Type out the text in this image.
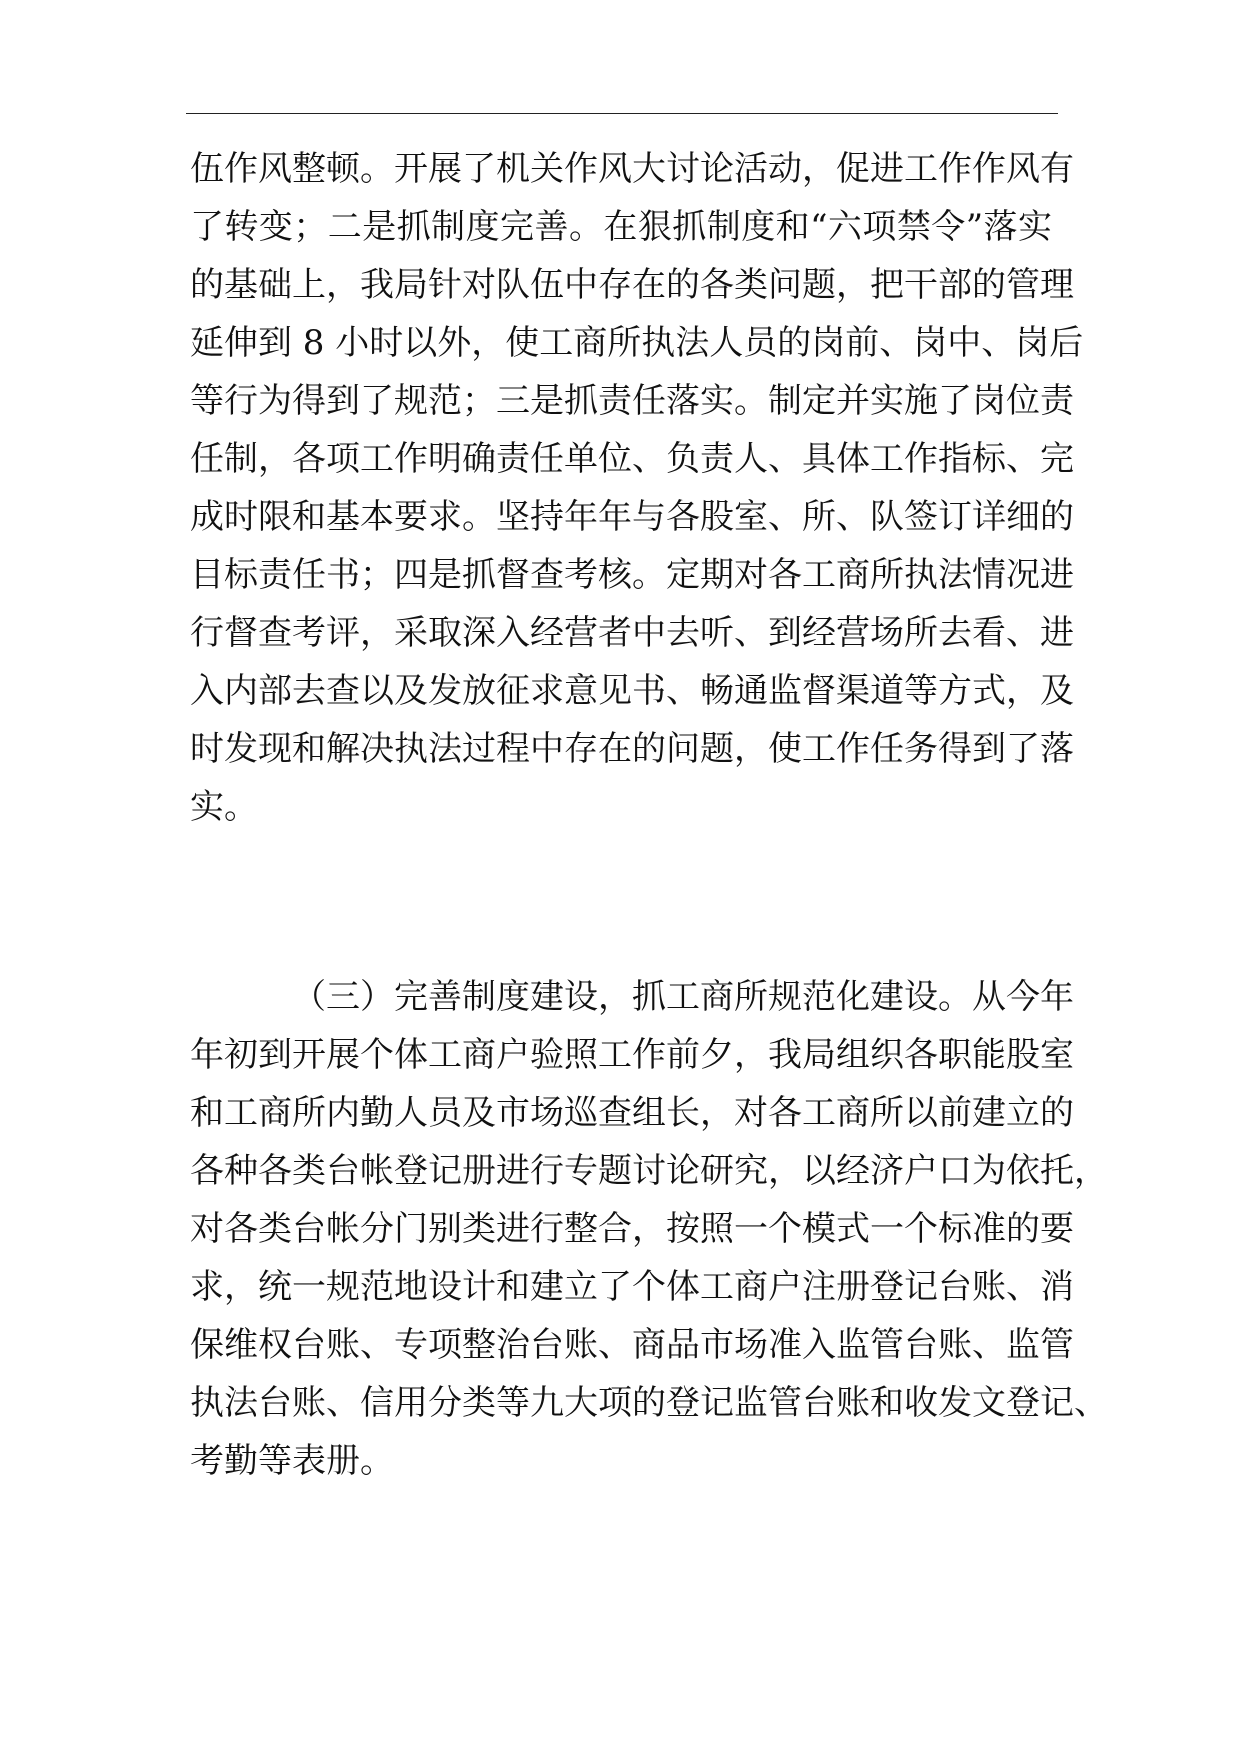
伍作风整顿。开展了机关作风大讨论活动，促进工作作风有
了转变；二是抓制度完善。在狠抓制度和“六项禁令”落实
的基础上，我局针对队伍中存在的各类问题，把干部的管理
延伸到 8 小时以外，使工商所执法人员的岗前、岗中、岗后
等行为得到了规范；三是抓责任落实。制定并实施了岗位责
任制，各项工作明确责任单位、负责人、具体工作指标、完
成时限和基本要求。坚持年年与各股室、所、队签订详细的
目标责任书；四是抓督查考核。定期对各工商所执法情况进
行督查考评，采取深入经营者中去听、到经营场所去看、进
入内部去查以及发放征求意见书、畅通监督渠道等方式，及
时发现和解决执法过程中存在的问题，使工作任务得到了落
实。
（三）完善制度建设，抓工商所规范化建设。从今年
年初到开展个体工商户验照工作前夕，我局组织各职能股室
和工商所内勤人员及市场巡查组长，对各工商所以前建立的
各种各类台帐登记册进行专题讨论研究，以经济户口为依托，
对各类台帐分门别类进行整合，按照一个模式一个标准的要
求，统一规范地设计和建立了个体工商户注册登记台账、消
保维权台账、专项整治台账、商品市场准入监管台账、监管
执法台账、信用分类等九大项的登记监管台账和收发文登记、
考勤等表册。
